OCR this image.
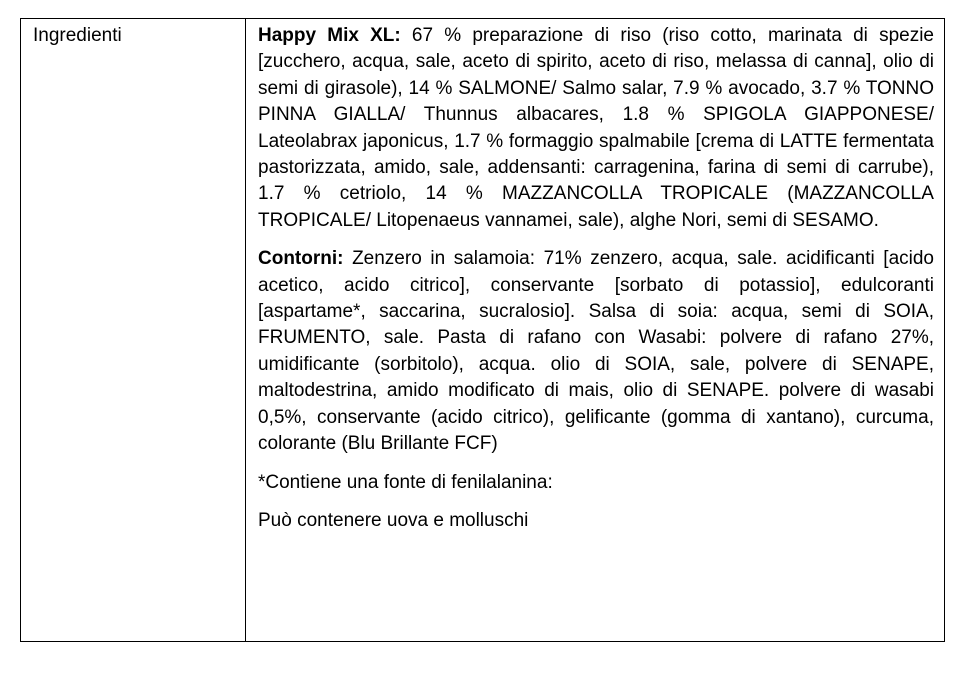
Ingredienti	Happy Mix XL: 67 % preparazione di riso (riso cotto, marinata di spezie [zucchero, acqua, sale, aceto di spirito, aceto di riso, melassa di canna], olio di semi di girasole), 14 % SALMONE/ Salmo salar, 7.9 % avocado, 3.7 % TONNO PINNA GIALLA/ Thunnus albacares, 1.8 % SPIGOLA GIAPPONESE/ Lateolabrax japonicus, 1.7 % formaggio spalmabile [crema di LATTE fermentata pastorizzata, amido, sale, addensanti: carragenina, farina di semi di carrube), 1.7 % cetriolo, 14 % MAZZANCOLLA TROPICALE (MAZZANCOLLA TROPICALE/ Litopenaeus vannamei, sale), alghe Nori, semi di SESAMO.

Contorni: Zenzero in salamoia: 71% zenzero, acqua, sale. acidificanti [acido acetico, acido citrico], conservante [sorbato di potassio], edulcoranti [aspartame*, saccarina, sucralosio]. Salsa di soia: acqua, semi di SOIA, FRUMENTO, sale. Pasta di rafano con Wasabi: polvere di rafano 27%, umidificante (sorbitolo), acqua. olio di SOIA, sale, polvere di SENAPE, maltodestrina, amido modificato di mais, olio di SENAPE. polvere di wasabi 0,5%, conservante (acido citrico), gelificante (gomma di xantano), curcuma, colorante (Blu Brillante FCF)

*Contiene una fonte di fenilalanina:

Può contenere uova e molluschi
